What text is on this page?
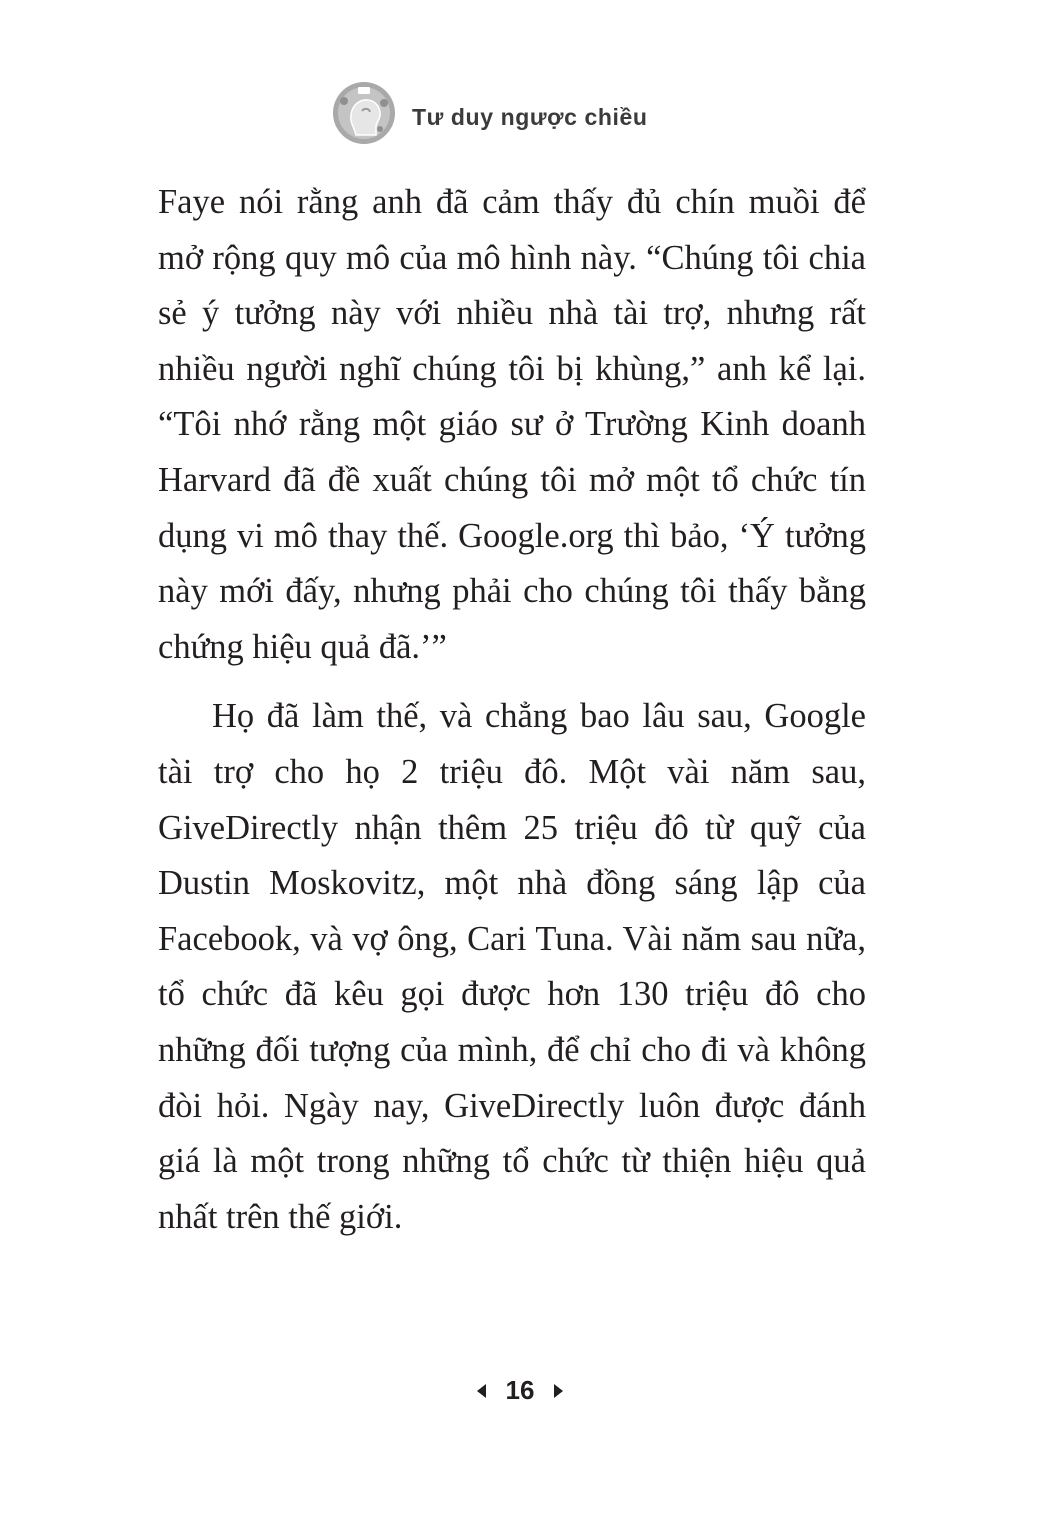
Tư duy ngược chiều

Faye nói rằng anh đã cảm thấy đủ chín muồi để mở rộng quy mô của mô hình này. “Chúng tôi chia sẻ ý tưởng này với nhiều nhà tài trợ, nhưng rất nhiều người nghĩ chúng tôi bị khùng,” anh kể lại. “Tôi nhớ rằng một giáo sư ở Trường Kinh doanh Harvard đã đề xuất chúng tôi mở một tổ chức tín dụng vi mô thay thế. Google.org thì bảo, ‘Ý tưởng này mới đấy, nhưng phải cho chúng tôi thấy bằng chứng hiệu quả đã.’”

Họ đã làm thế, và chẳng bao lâu sau, Google tài trợ cho họ 2 triệu đô. Một vài năm sau, GiveDirectly nhận thêm 25 triệu đô từ quỹ của Dustin Moskovitz, một nhà đồng sáng lập của Facebook, và vợ ông, Cari Tuna. Vài năm sau nữa, tổ chức đã kêu gọi được hơn 130 triệu đô cho những đối tượng của mình, để chỉ cho đi và không đòi hỏi. Ngày nay, GiveDirectly luôn được đánh giá là một trong những tổ chức từ thiện hiệu quả nhất trên thế giới.

16
